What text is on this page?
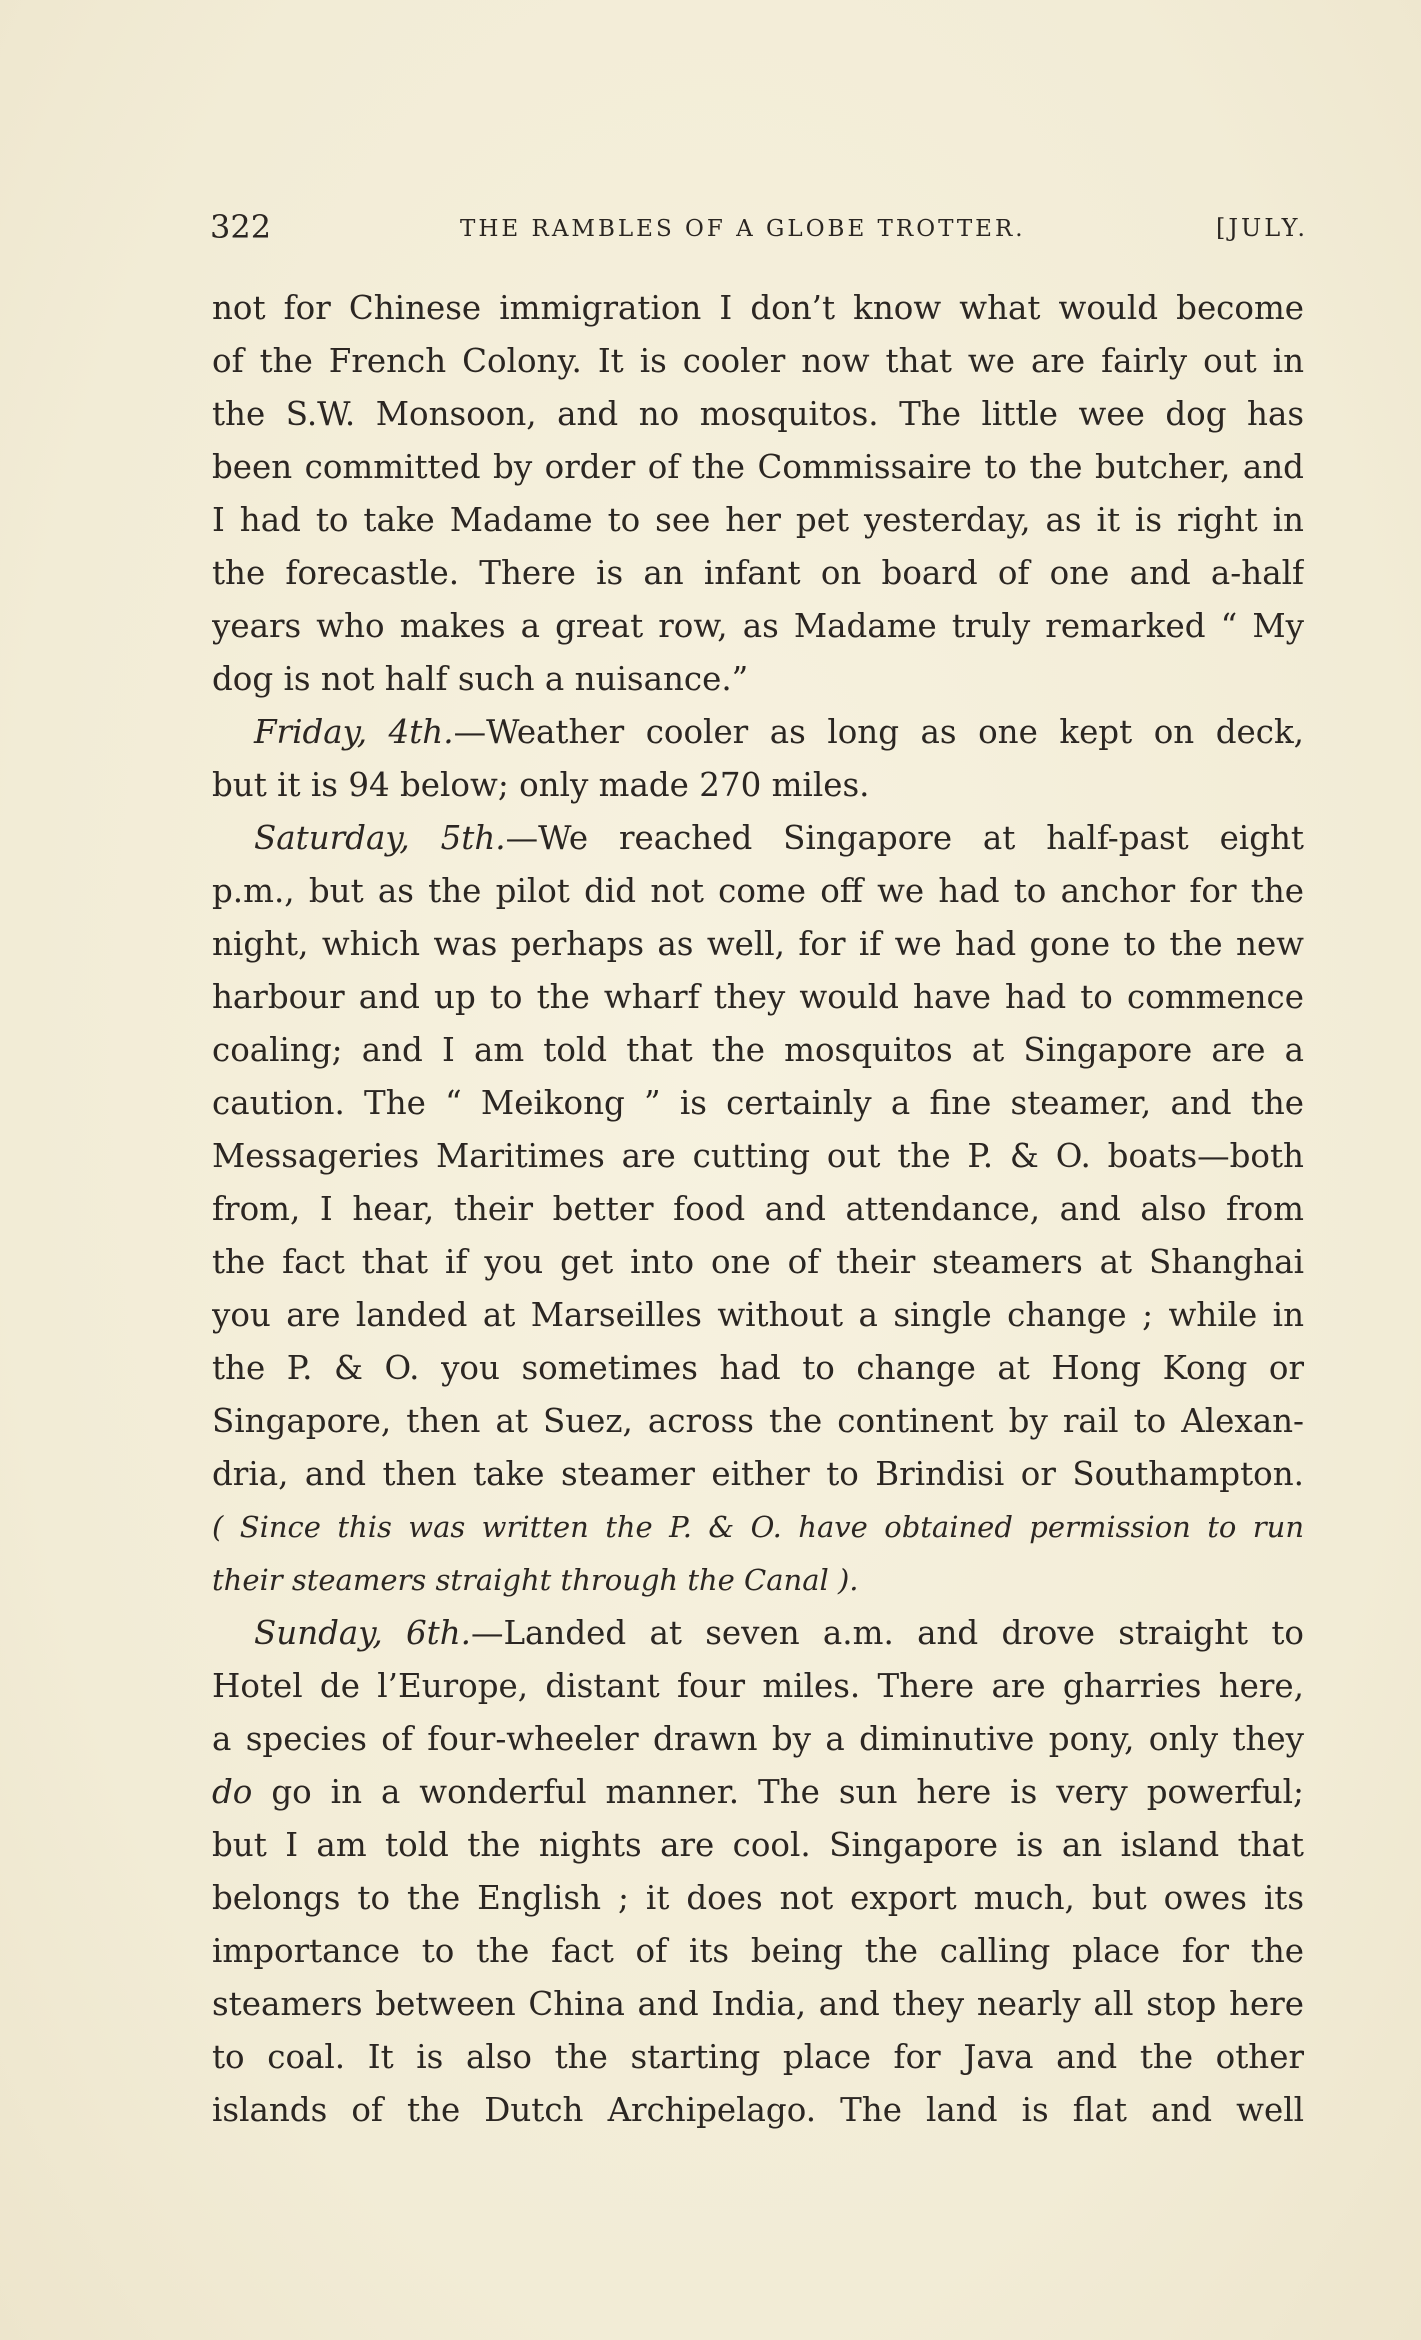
322	THE RAMBLES OF A GLOBE TROTTER.	[JULY.
not for Chinese immigration I don’t know what would become
of the French Colony. It is cooler now that we are fairly out in
the S.W. Monsoon, and no mosquitos. The little wee dog has
been committed by order of the Commissaire to the butcher, and
I had to take Madame to see her pet yesterday, as it is right in
the forecastle. There is an infant on board of one and a-half
years who makes a great row, as Madame truly remarked “ My
dog is not half such a nuisance.”
Friday, 4th.—Weather cooler as long as one kept on deck,
but it is 94 below; only made 270 miles.
Saturday, 5th.—We reached Singapore at half-past eight
p.m., but as the pilot did not come off we had to anchor for the
night, which was perhaps as well, for if we had gone to the new
harbour and up to the wharf they would have had to commence
coaling; and I am told that the mosquitos at Singapore are a
caution. The “ Meikong ” is certainly a fine steamer, and the
Messageries Maritimes are cutting out the P. & O. boats—both
from, I hear, their better food and attendance, and also from
the fact that if you get into one of their steamers at Shanghai
you are landed at Marseilles without a single change ; while in
the P. & O. you sometimes had to change at Hong Kong or
Singapore, then at Suez, across the continent by rail to Alexan-
dria, and then take steamer either to Brindisi or Southampton.
( Since this was written the P. & O. have obtained permission to run
their steamers straight through the Canal ).
Sunday, 6th.—Landed at seven a.m. and drove straight to
Hotel de l’Europe, distant four miles. There are gharries here,
a species of four-wheeler drawn by a diminutive pony, only they
do go in a wonderful manner. The sun here is very powerful;
but I am told the nights are cool. Singapore is an island that
belongs to the English ; it does not export much, but owes its
importance to the fact of its being the calling place for the
steamers between China and India, and they nearly all stop here
to coal. It is also the starting place for Java and the other
islands of the Dutch Archipelago. The land is flat and well
